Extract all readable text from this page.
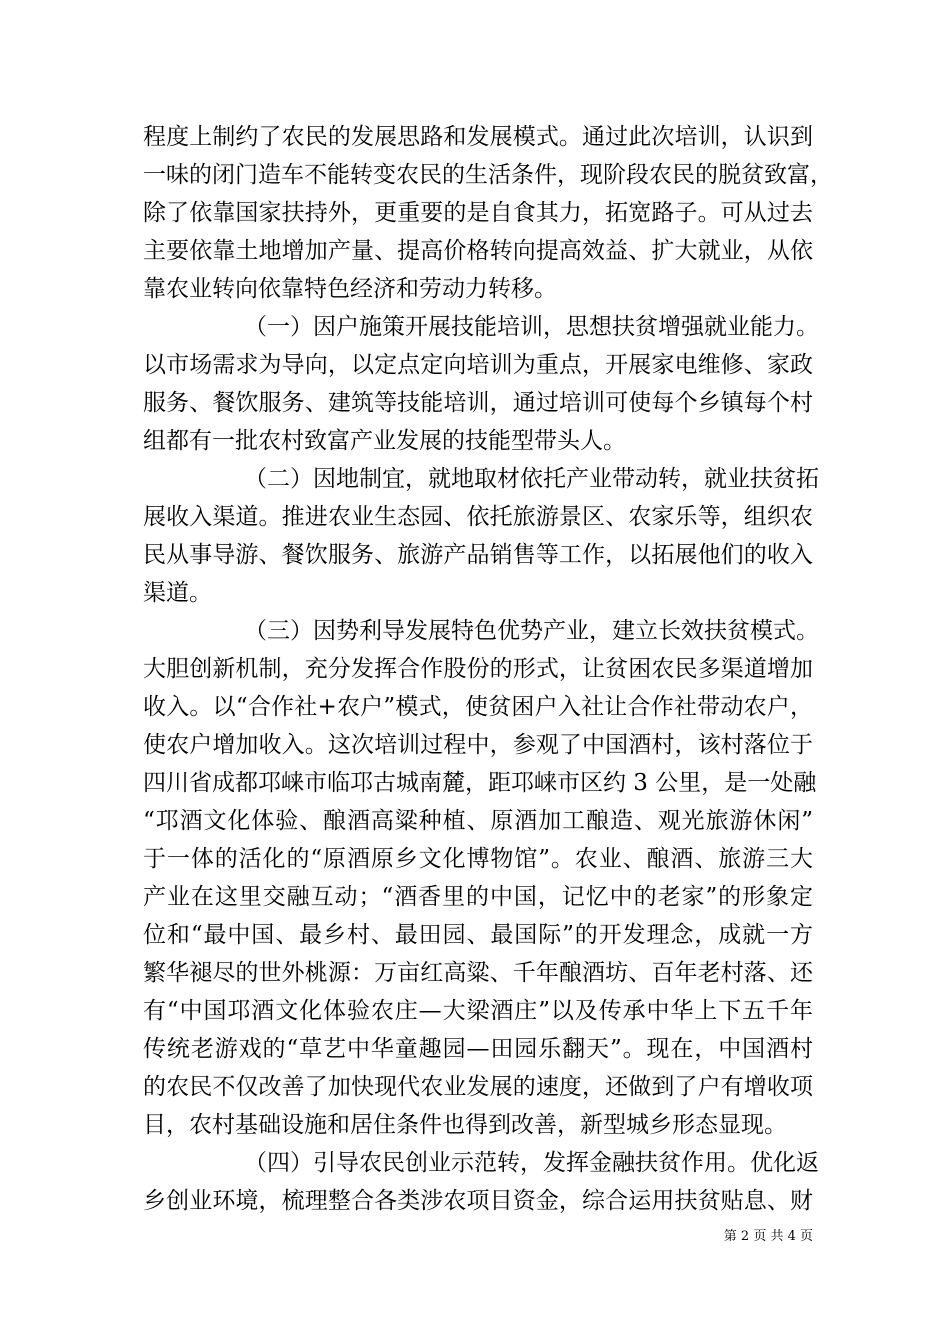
程度上制约了农民的发展思路和发展模式。通过此次培训，认识到
一味的闭门造车不能转变农民的生活条件，现阶段农民的脱贫致富，
除了依靠国家扶持外，更重要的是自食其力，拓宽路子。可从过去
主要依靠土地增加产量、提高价格转向提高效益、扩大就业，从依
靠农业转向依靠特色经济和劳动力转移。
（一）因户施策开展技能培训，思想扶贫增强就业能力。
以市场需求为导向，以定点定向培训为重点，开展家电维修、家政
服务、餐饮服务、建筑等技能培训，通过培训可使每个乡镇每个村
组都有一批农村致富产业发展的技能型带头人。
（二）因地制宜，就地取材依托产业带动转，就业扶贫拓
展收入渠道。推进农业生态园、依托旅游景区、农家乐等，组织农
民从事导游、餐饮服务、旅游产品销售等工作，以拓展他们的收入
渠道。
（三）因势利导发展特色优势产业，建立长效扶贫模式。
大胆创新机制，充分发挥合作股份的形式，让贫困农民多渠道增加
收入。以“合作社+农户”模式，使贫困户入社让合作社带动农户，
使农户增加收入。这次培训过程中，参观了中国酒村，该村落位于
四川省成都邛崃市临邛古城南麓，距邛崃市区约 3 公里，是一处融
“邛酒文化体验、酿酒高粱种植、原酒加工酿造、观光旅游休闲”
于一体的活化的“原酒原乡文化博物馆”。农业、酿酒、旅游三大
产业在这里交融互动；“酒香里的中国，记忆中的老家”的形象定
位和“最中国、最乡村、最田园、最国际”的开发理念，成就一方
繁华褪尽的世外桃源：万亩红高粱、千年酿酒坊、百年老村落、还
有“中国邛酒文化体验农庄—大梁酒庄”以及传承中华上下五千年
传统老游戏的“草艺中华童趣园—田园乐翻天”。现在，中国酒村
的农民不仅改善了加快现代农业发展的速度，还做到了户有增收项
目，农村基础设施和居住条件也得到改善，新型城乡形态显现。
（四）引导农民创业示范转，发挥金融扶贫作用。优化返
乡创业环境，梳理整合各类涉农项目资金，综合运用扶贫贴息、财
第 2 页 共 4 页
